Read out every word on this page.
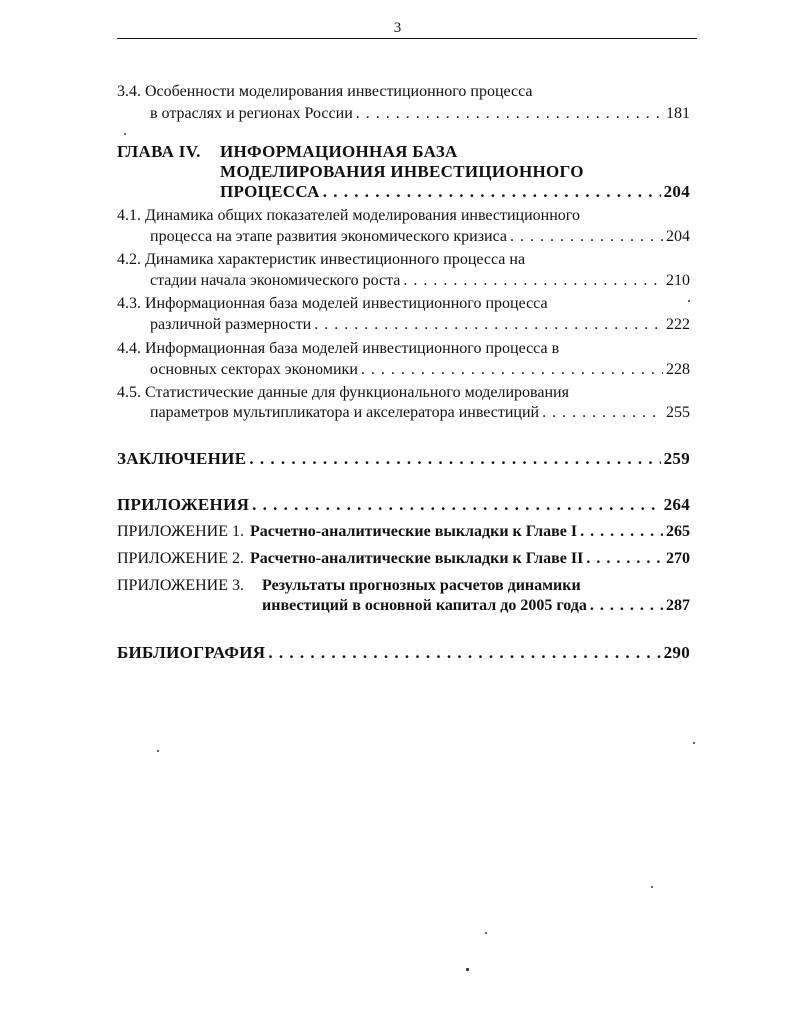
3
3.4. Особенности моделирования инвестиционного процесса
в отраслях и регионах России . . .	181
ГЛАВА IV. ИНФОРМАЦИОННАЯ БАЗА
МОДЕЛИРОВАНИЯ ИНВЕСТИЦИОННОГО
ПРОЦЕССА . . .	204
4.1. Динамика общих показателей моделирования инвестиционного
процесса на этапе развития экономического кризиса . . .	204
4.2. Динамика характеристик инвестиционного процесса на
стадии начала экономического роста . . .	210
4.3. Информационная база моделей инвестиционного процесса
различной размерности . . .	222
4.4. Информационная база моделей инвестиционного процесса в
основных секторах экономики . . .	228
4.5. Статистические данные для функционального моделирования
параметров мультипликатора и акселератора инвестиций . . .	255
ЗАКЛЮЧЕНИЕ . . .	259
ПРИЛОЖЕНИЯ . . .	264
ПРИЛОЖЕНИЕ 1. Расчетно-аналитические выкладки к Главе I . . .	265
ПРИЛОЖЕНИЕ 2. Расчетно-аналитические выкладки к Главе II . . .	270
ПРИЛОЖЕНИЕ 3. Результаты прогнозных расчетов динамики
инвестиций в основной капитал до 2005 года . . .	287
БИБЛИОГРАФИЯ . . .	290
